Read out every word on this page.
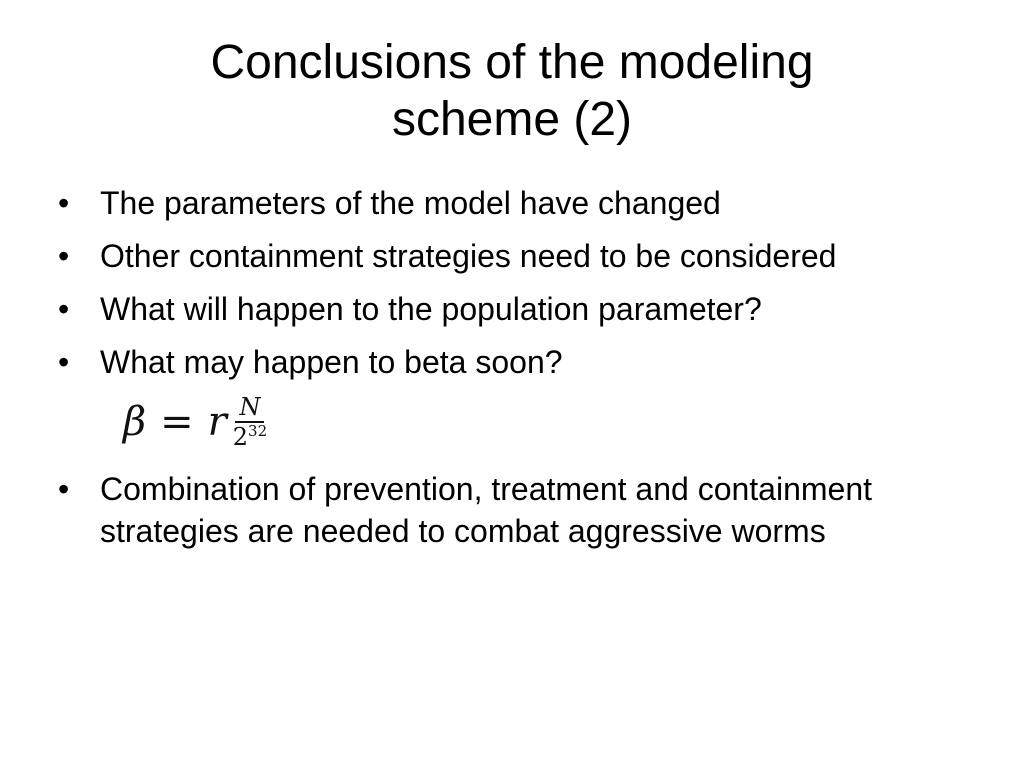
Conclusions of the modeling
scheme (2)
• The parameters of the model have changed
• Other containment strategies need to be considered
• What will happen to the population parameter?
• What may happen to beta soon?
β = r $\frac{N}{2^{32}}$
• Combination of prevention, treatment and containment strategies are needed to combat aggressive worms
